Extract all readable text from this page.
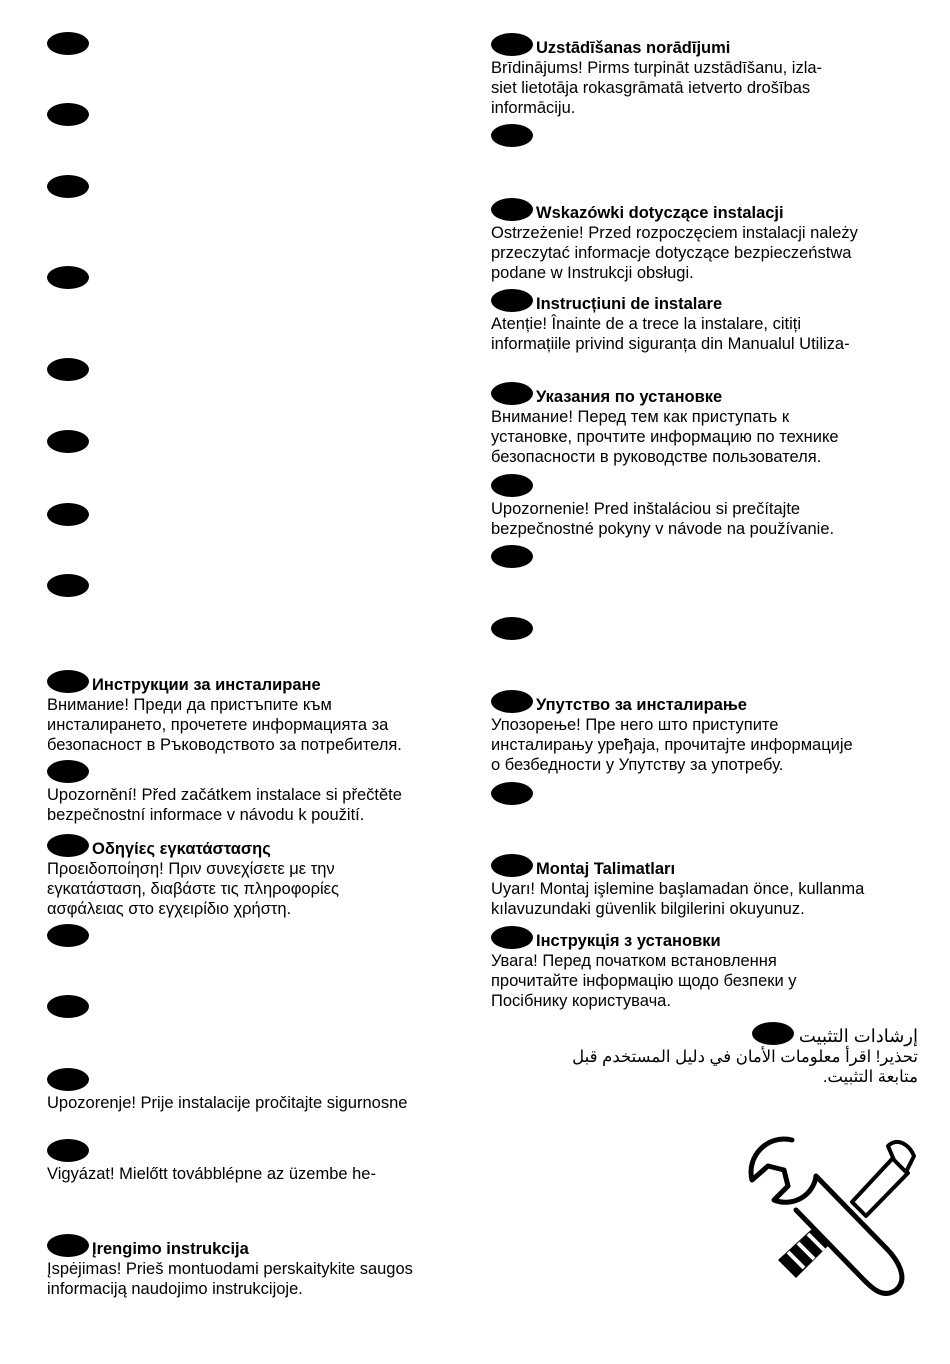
Инструкции за инсталиране
Внимание! Преди да пристъпите към
инсталирането, прочетете информацията за
безопасност в Ръководството за потребителя.
Upozornění! Před začátkem instalace si přečtěte
bezpečnostní informace v návodu k použití.
Οδηγίες εγκατάστασης
Προειδοποίηση! Πριν συνεχίσετε με την
εγκατάσταση, διαβάστε τις πληροφορίες
ασφάλειας στο εγχειρίδιο χρήστη.
Upozorenje! Prije instalacije pročitajte sigurnosne
Vigyázat! Mielőtt továbblépne az üzembe he-
Įrengimo instrukcija
Įspėjimas! Prieš montuodami perskaitykite saugos
informaciją naudojimo instrukcijoje.
Uzstādīšanas norādījumi
Brīdinājums! Pirms turpināt uzstādīšanu, izla-
siet lietotāja rokasgrāmatā ietverto drošības
informāciju.
Wskazówki dotyczące instalacji
Ostrzeżenie! Przed rozpoczęciem instalacji należy
przeczytać informacje dotyczące bezpieczeństwa
podane w Instrukcji obsługi.
Instrucțiuni de instalare
Atenție! Înainte de a trece la instalare, citiți
informațiile privind siguranța din Manualul Utiliza-
Указания по установке
Внимание! Перед тем как приступать к
установке, прочтите информацию по технике
безопасности в руководстве пользователя.
Upozornenie! Pred inštaláciou si prečítajte
bezpečnostné pokyny v návode na používanie.
Упутство за инсталирање
Упозорење! Пре него што приступите
инсталирању уређаја, прочитајте информације
о безбедности у Упутству за употребу.
Montaj Talimatları
Uyarı! Montaj işlemine başlamadan önce, kullanma
kılavuzundaki güvenlik bilgilerini okuyunuz.
Інструкція з установки
Увага! Перед початком встановлення
прочитайте інформацію щодо безпеки у
Посібнику користувача.
إرشادات التثبيت
تحذير! اقرأ معلومات الأمان في دليل المستخدم قبل
متابعة التثبيت.
